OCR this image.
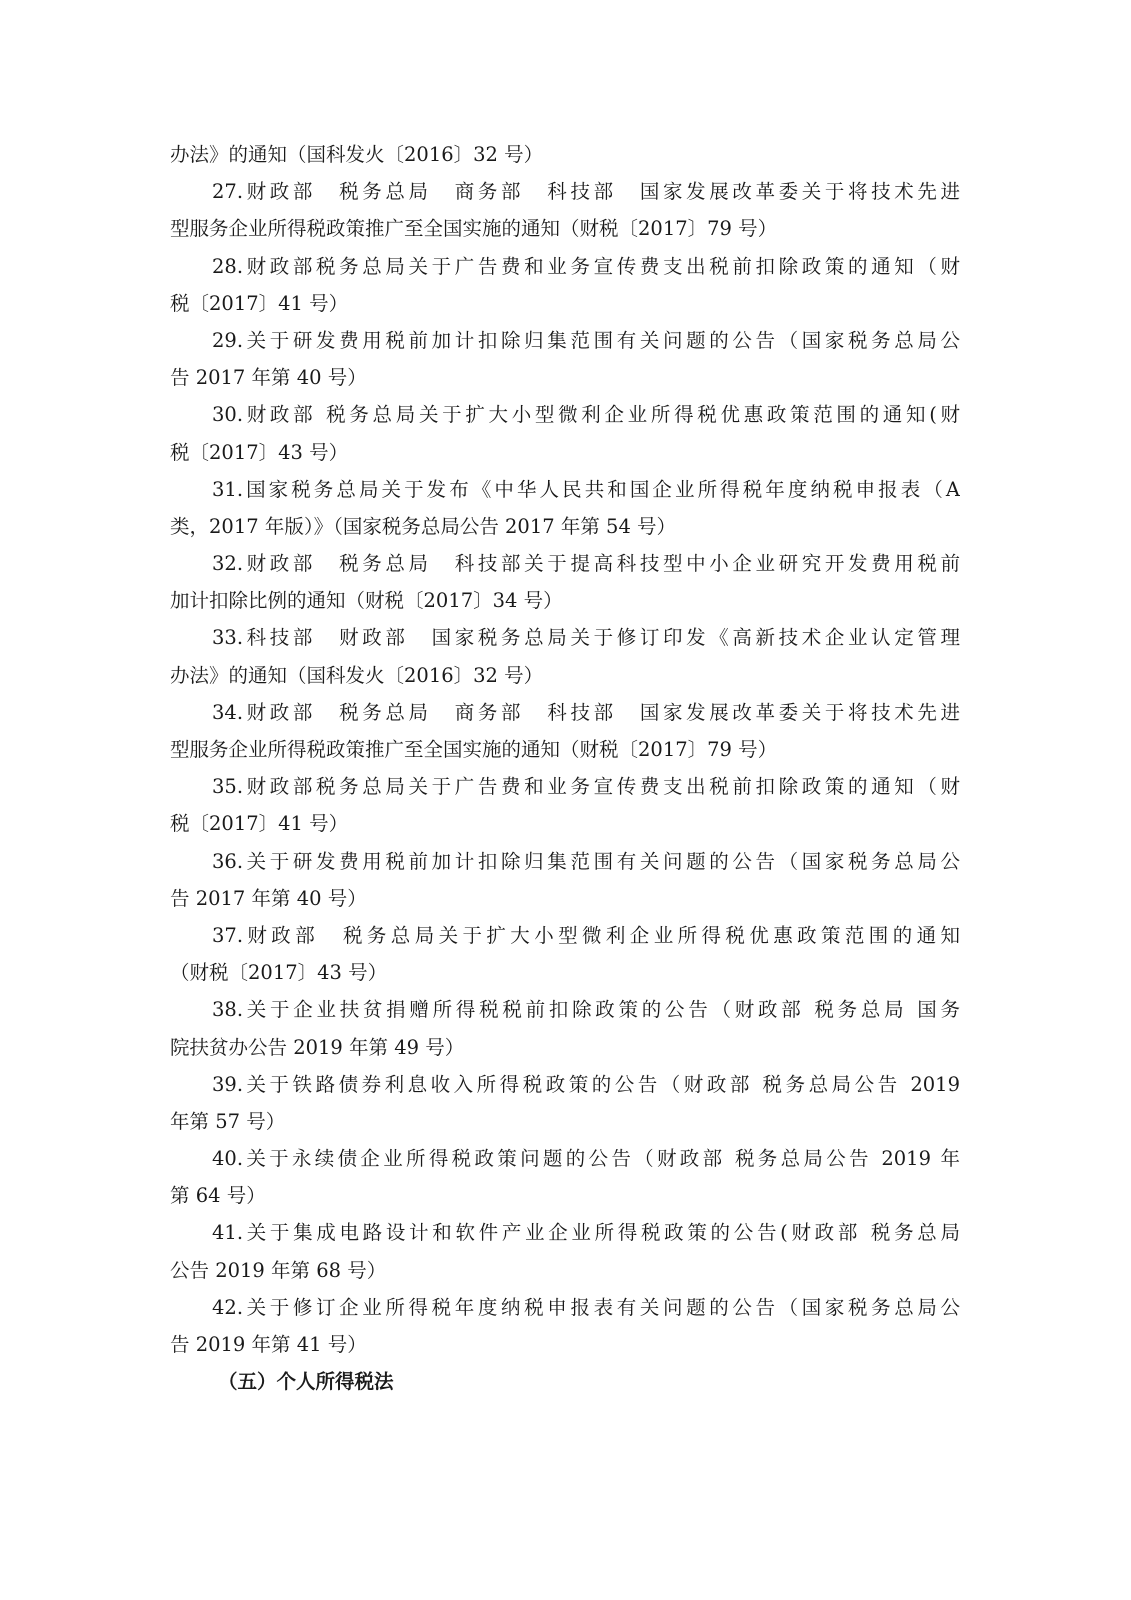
办法》的通知（国科发火〔2016〕32 号）
27.财政部　税务总局　商务部　科技部　国家发展改革委关于将技术先进
型服务企业所得税政策推广至全国实施的通知（财税〔2017〕79 号）
28.财政部税务总局关于广告费和业务宣传费支出税前扣除政策的通知（财
税〔2017〕41 号）
29.关于研发费用税前加计扣除归集范围有关问题的公告（国家税务总局公
告 2017 年第 40 号）
30.财政部 税务总局关于扩大小型微利企业所得税优惠政策范围的通知(财
税〔2017〕43 号）
31.国家税务总局关于发布《中华人民共和国企业所得税年度纳税申报表（A
类，2017 年版）》（国家税务总局公告 2017 年第 54 号）
32.财政部　税务总局　科技部关于提高科技型中小企业研究开发费用税前
加计扣除比例的通知（财税〔2017〕34 号）
33.科技部　财政部　国家税务总局关于修订印发《高新技术企业认定管理
办法》的通知（国科发火〔2016〕32 号）
34.财政部　税务总局　商务部　科技部　国家发展改革委关于将技术先进
型服务企业所得税政策推广至全国实施的通知（财税〔2017〕79 号）
35.财政部税务总局关于广告费和业务宣传费支出税前扣除政策的通知（财
税〔2017〕41 号）
36.关于研发费用税前加计扣除归集范围有关问题的公告（国家税务总局公
告 2017 年第 40 号）
37.财政部　税务总局关于扩大小型微利企业所得税优惠政策范围的通知
（财税〔2017〕43 号）
38.关于企业扶贫捐赠所得税税前扣除政策的公告（财政部 税务总局 国务
院扶贫办公告 2019 年第 49 号）
39.关于铁路债券利息收入所得税政策的公告（财政部 税务总局公告 2019
年第 57 号）
40.关于永续债企业所得税政策问题的公告（财政部 税务总局公告 2019 年
第 64 号）
41.关于集成电路设计和软件产业企业所得税政策的公告(财政部 税务总局
公告 2019 年第 68 号）
42.关于修订企业所得税年度纳税申报表有关问题的公告（国家税务总局公
告 2019 年第 41 号）
（五）个人所得税法
